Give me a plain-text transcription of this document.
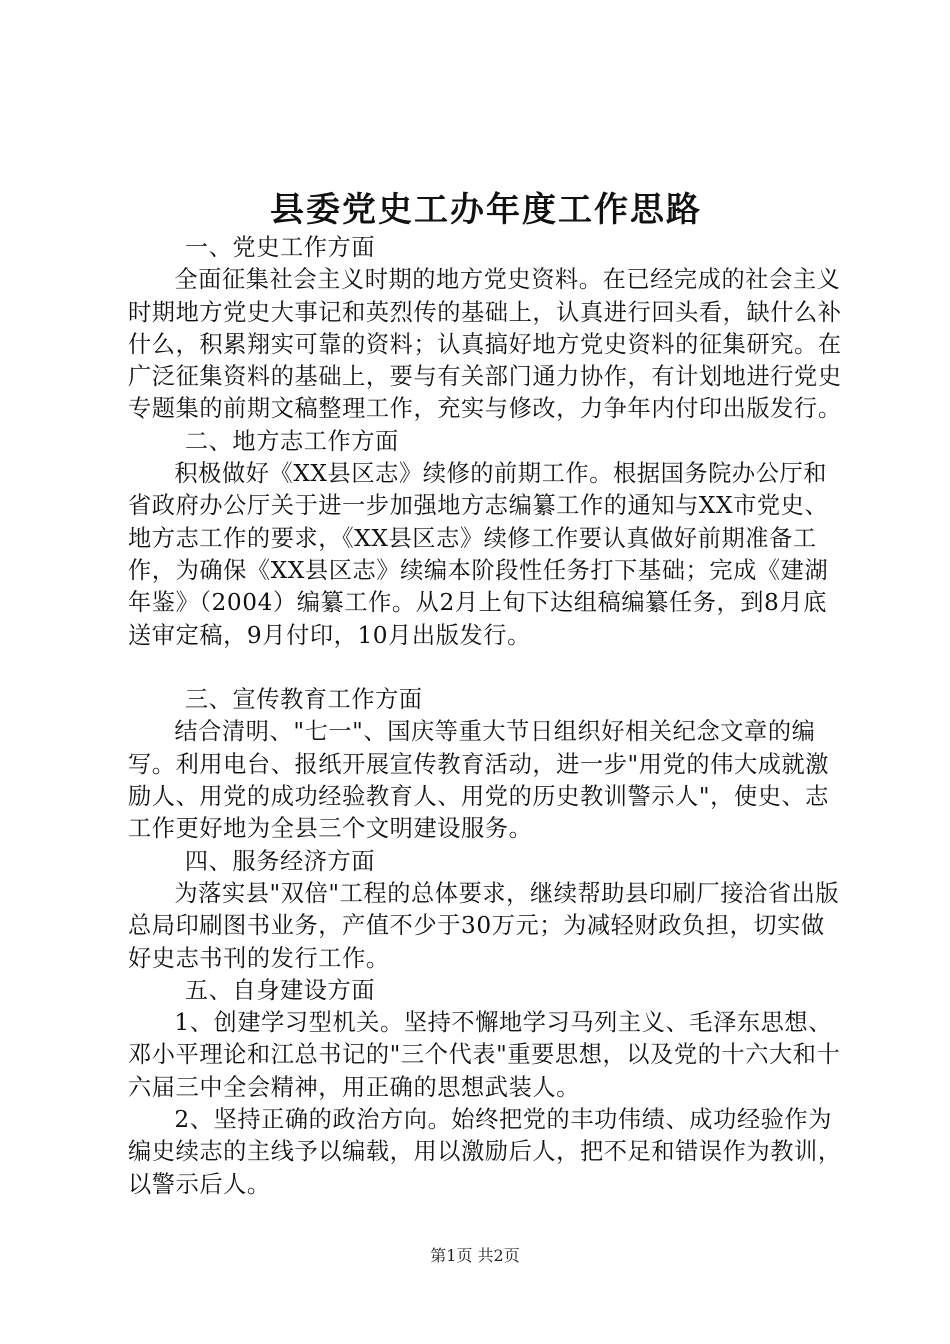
县委党史工办年度工作思路

一、党史工作方面

全面征集社会主义时期的地方党史资料。在已经完成的社会主义时期地方党史大事记和英烈传的基础上，认真进行回头看，缺什么补什么，积累翔实可靠的资料；认真搞好地方党史资料的征集研究。在广泛征集资料的基础上，要与有关部门通力协作，有计划地进行党史专题集的前期文稿整理工作，充实与修改，力争年内付印出版发行。

二、地方志工作方面

积极做好《XX县区志》续修的前期工作。根据国务院办公厅和省政府办公厅关于进一步加强地方志编纂工作的通知与XX市党史、地方志工作的要求，《XX县区志》续修工作要认真做好前期准备工作，为确保《XX县区志》续编本阶段性任务打下基础；完成《建湖年鉴》（2004）编纂工作。从2月上旬下达组稿编纂任务，到8月底送审定稿，9月付印，10月出版发行。

三、宣传教育工作方面

结合清明、"七一"、国庆等重大节日组织好相关纪念文章的编写。利用电台、报纸开展宣传教育活动，进一步"用党的伟大成就激励人、用党的成功经验教育人、用党的历史教训警示人"，使史、志工作更好地为全县三个文明建设服务。

四、服务经济方面

为落实县"双倍"工程的总体要求，继续帮助县印刷厂接洽省出版总局印刷图书业务，产值不少于30万元；为减轻财政负担，切实做好史志书刊的发行工作。

五、自身建设方面

1、创建学习型机关。坚持不懈地学习马列主义、毛泽东思想、邓小平理论和江总书记的"三个代表"重要思想，以及党的十六大和十六届三中全会精神，用正确的思想武装人。

2、坚持正确的政治方向。始终把党的丰功伟绩、成功经验作为编史续志的主线予以编载，用以激励后人，把不足和错误作为教训，以警示后人。

第1页 共2页
